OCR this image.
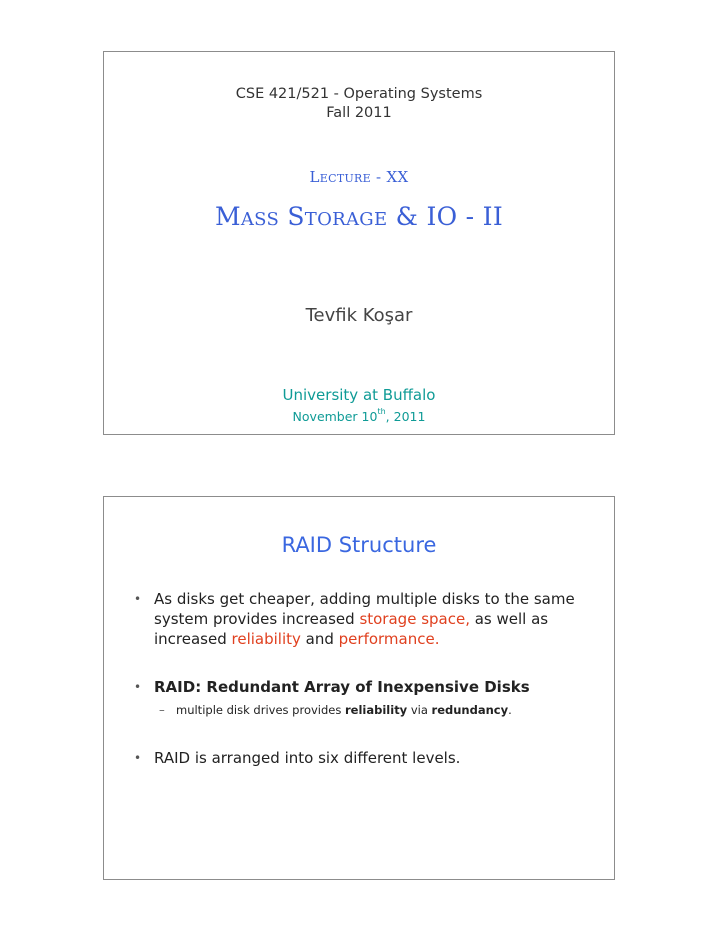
CSE 421/521 - Operating Systems
Fall 2011
Lecture - XX
Mass Storage & IO - II
Tevfik Koşar
University at Buffalo
November 10th, 2011
RAID Structure
• As disks get cheaper, adding multiple disks to the same system provides increased storage space, as well as increased reliability and performance.
• RAID: Redundant Array of Inexpensive Disks
– multiple disk drives provides reliability via redundancy.
• RAID is arranged into six different levels.
